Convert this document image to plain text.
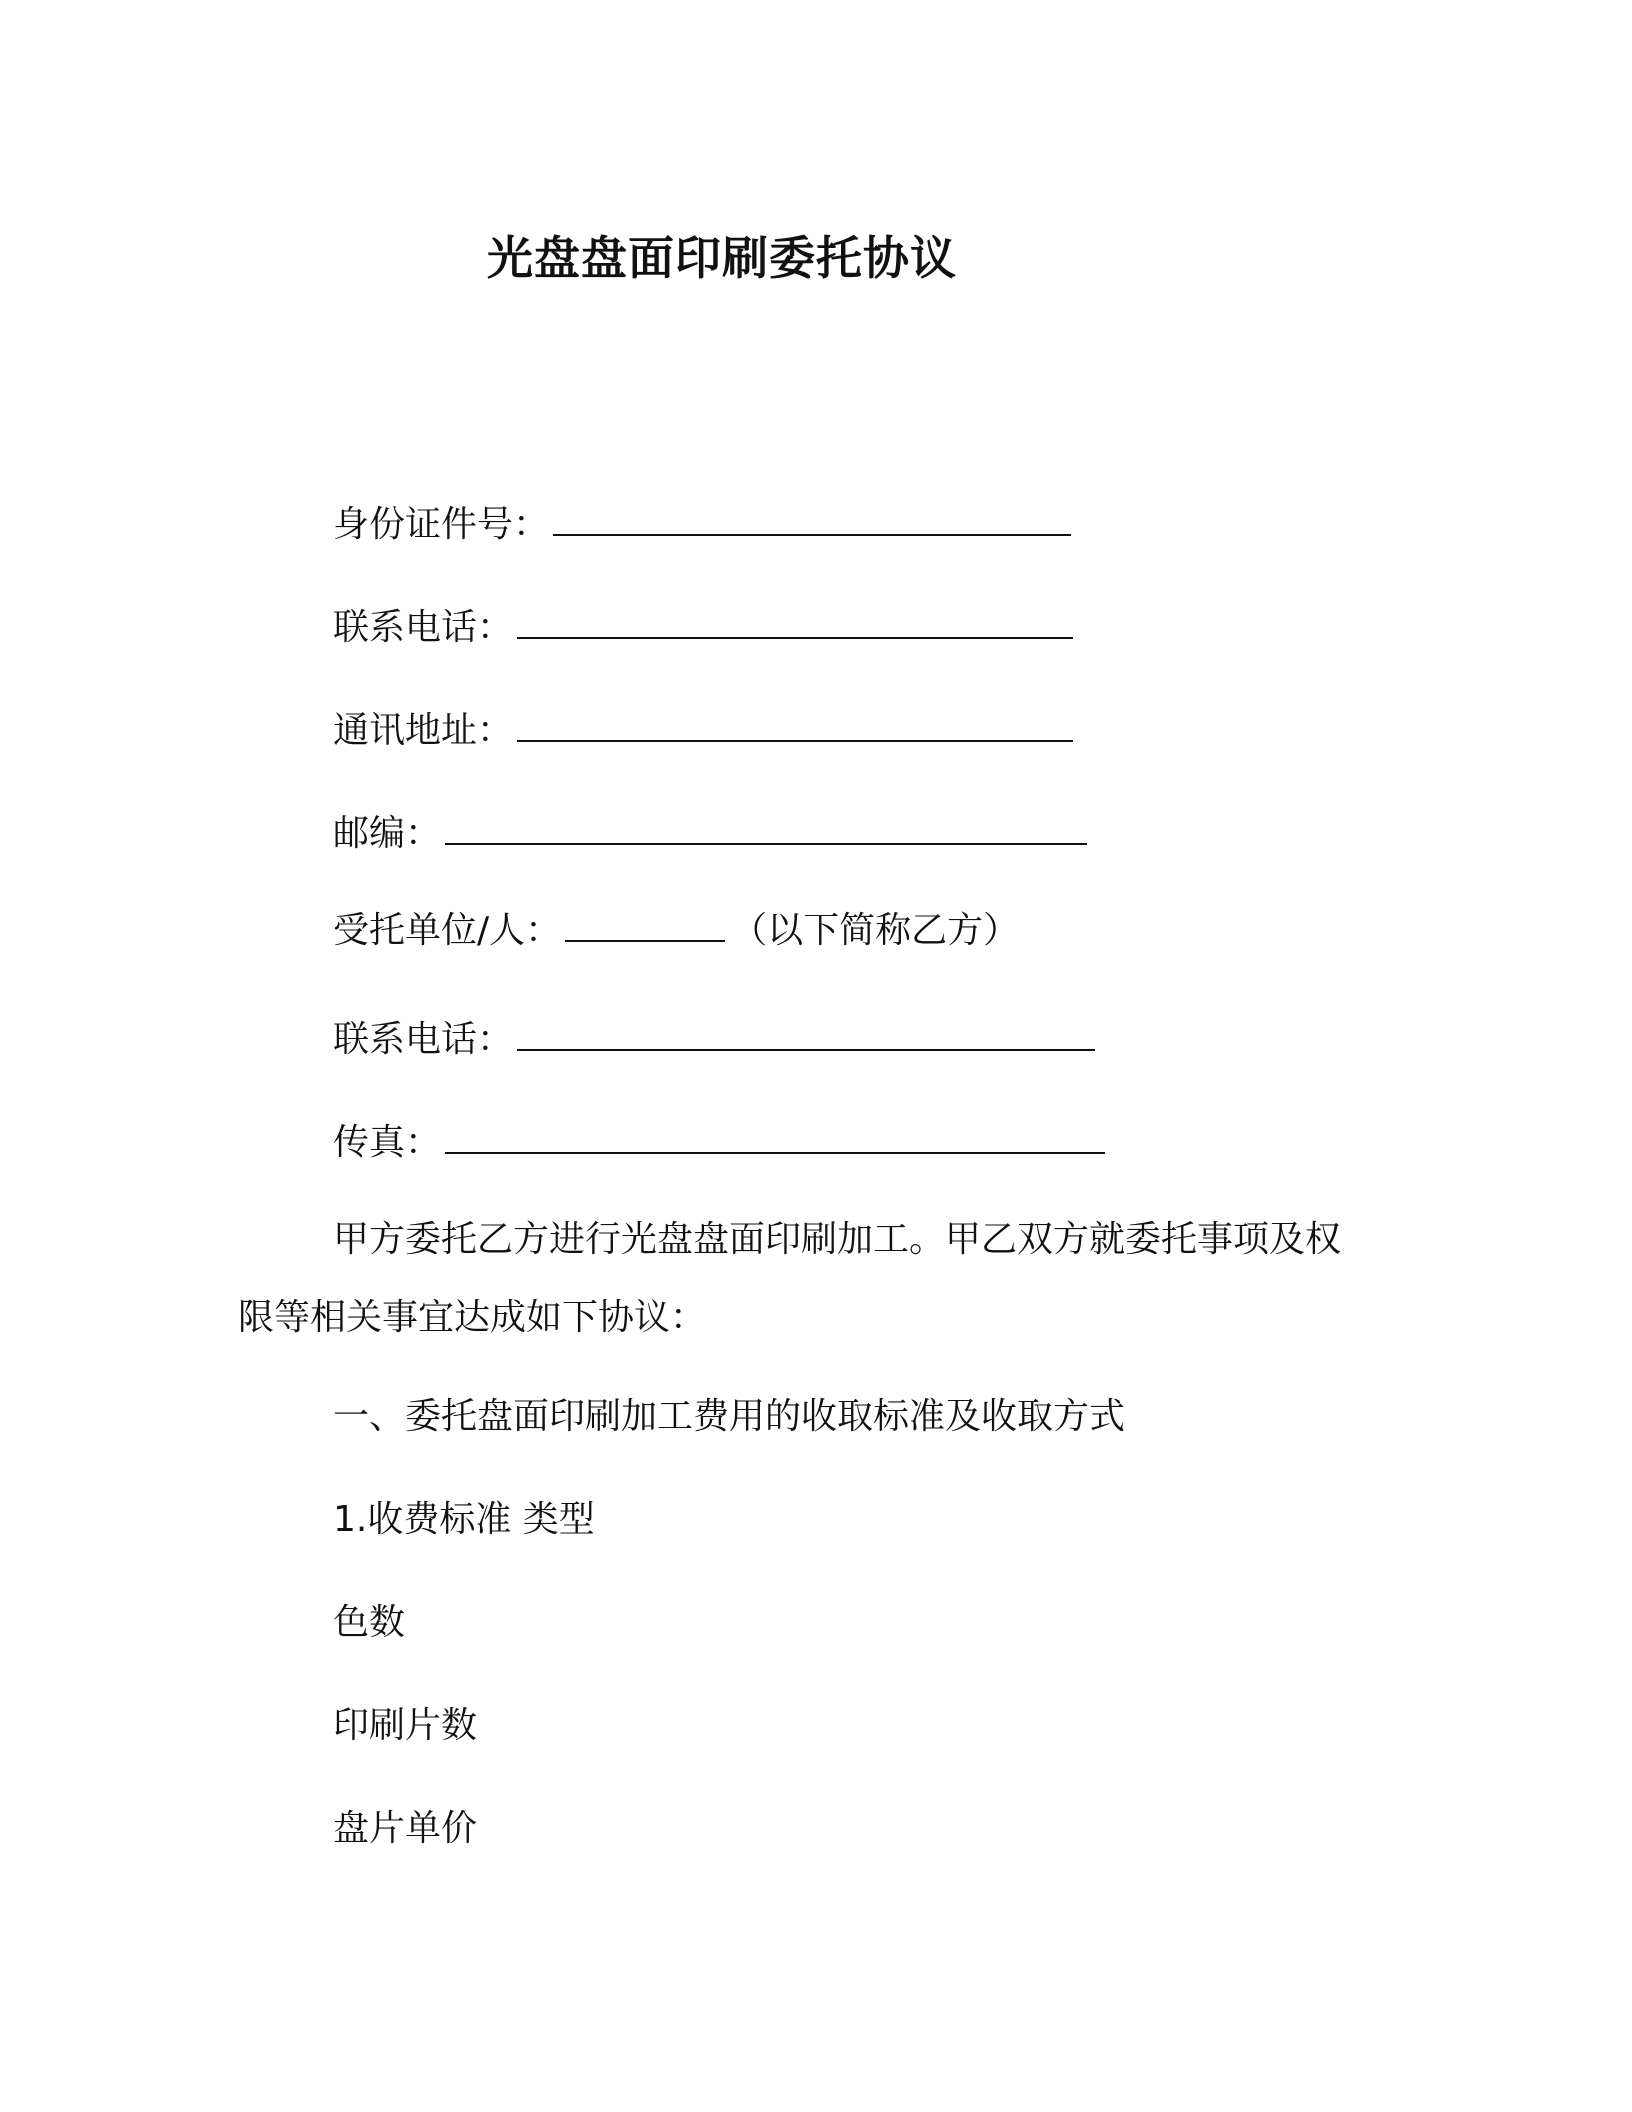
光盘盘面印刷委托协议
身份证件号：
联系电话：
通讯地址：
邮编：
受托单位/人：	（以下简称乙方）
联系电话：
传真：
甲方委托乙方进行光盘盘面印刷加工。甲乙双方就委托事项及权
限等相关事宜达成如下协议：
一、委托盘面印刷加工费用的收取标准及收取方式
1.收费标准 类型
色数
印刷片数
盘片单价
